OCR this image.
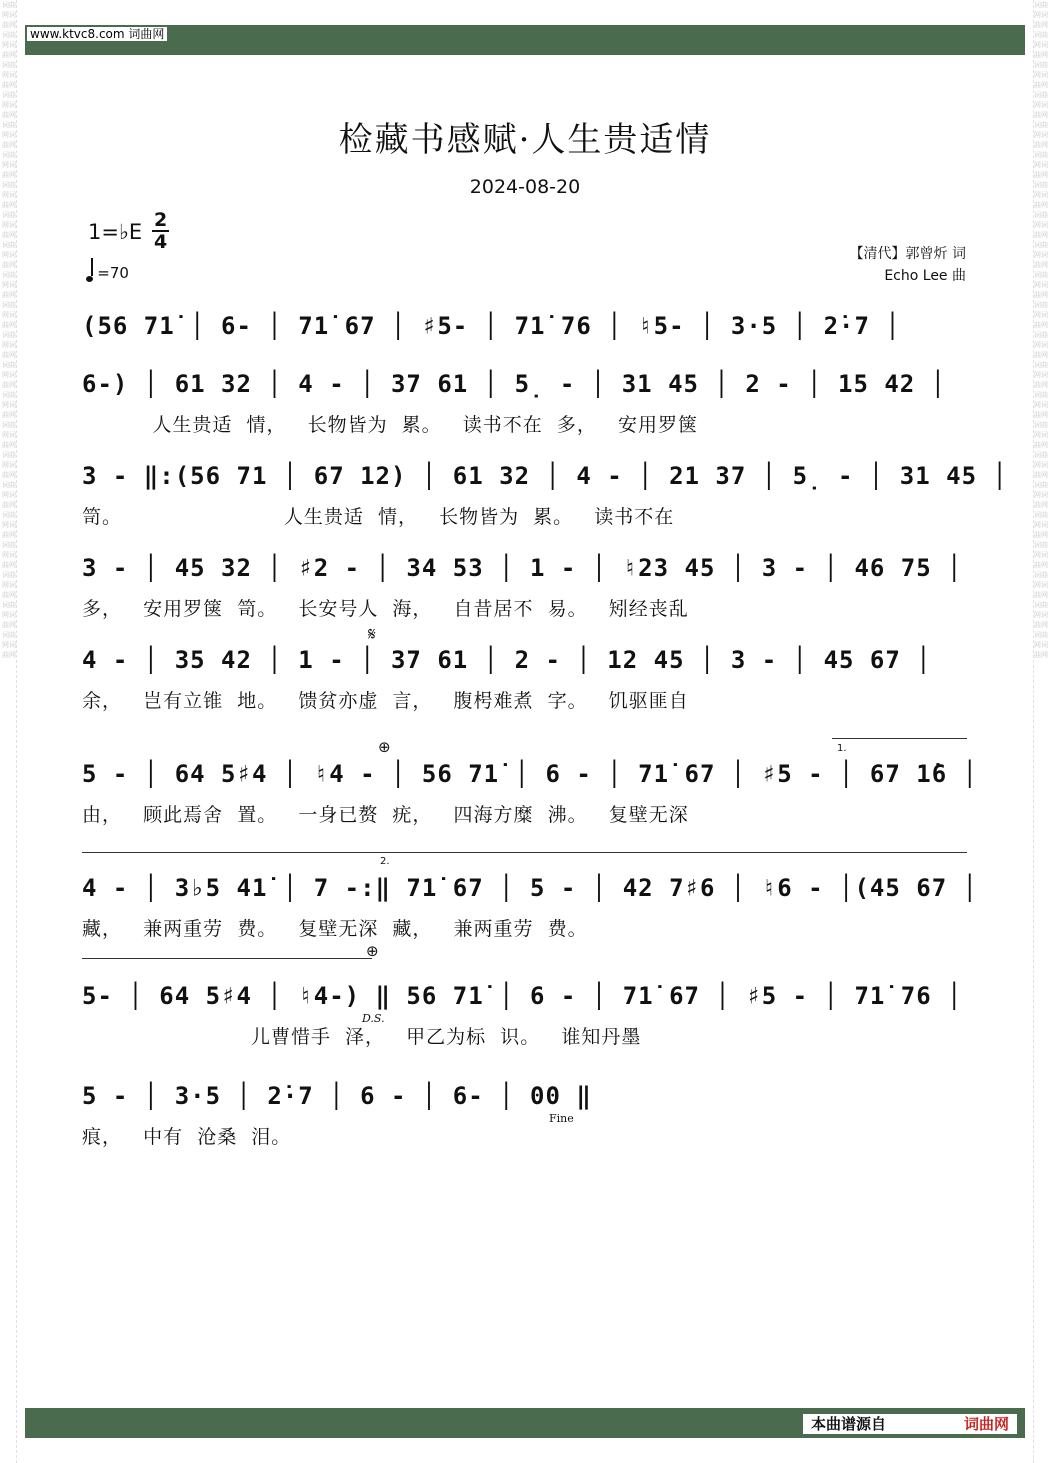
词曲网词曲网词曲网词曲网词曲网词曲网词曲网词曲网词曲网词曲网词曲网词曲网词曲网词曲网词曲网词曲网词曲网词曲网词曲网词曲网词曲网词曲网词曲网词曲网词曲网词曲网词曲网词曲网词曲网词曲网词曲网词曲网词曲网词曲网词曲网词曲网词曲网词曲网词曲网词曲网词曲网词曲网词曲网词曲网
词曲网词曲网词曲网词曲网词曲网词曲网词曲网词曲网词曲网词曲网词曲网词曲网词曲网词曲网词曲网词曲网词曲网词曲网词曲网词曲网词曲网词曲网词曲网词曲网词曲网词曲网词曲网词曲网词曲网词曲网词曲网词曲网词曲网词曲网词曲网词曲网词曲网词曲网词曲网词曲网词曲网词曲网词曲网词曲网
www.ktvc8.com 词曲网
检藏书感赋·人生贵适情
2024-08-20
1=♭E 2
4
=70
【清代】郭曾炘 词
Echo Lee 曲
(56 71̇ │ 6- │ 71̇ 67 │ ♯5- │ 71̇ 76 │ ♮5- │ 3·5 │ 2̇·7 │
6-) │ 61 32 │ 4 - │ 37 61 │ 5̣ - │ 31 45 │ 2 - │ 15 42 │
人生贵适  情，   长物皆为  累。   读书不在  多，   安用罗箧
3 - ‖:(56 71 │ 67 12) │ 61 32 │ 4 - │ 21 37 │ 5̣ - │ 31 45 │
笥。                       人生贵适  情，   长物皆为  累。   读书不在
3 - │ 45 32 │ ♯2 - │ 34 53 │ 1 - │ ♮23 45 │ 3 - │ 46 75 │
多，   安用罗箧  笥。   长安号人  海，   自昔居不  易。   矧经丧乱
𝄋
4 - │ 35 42 │ 1 - │ 37 61 │ 2 - │ 12 45 │ 3 - │ 45 67 │
余，   岂有立锥  地。   馈贫亦虚  言，   腹枵难煮  字。   饥驱匪自
⊕	1.
5 - │ 64 5♯4 │ ♮4 - │ 56 71̇ │ 6 - │ 71̇ 67 │ ♯5 - │ 67 1̇6 │
由，   顾此焉舍  置。   一身已赘  疣，   四海方糜  沸。   复壁无深
2.
4 - │ 3♭5 41̇ │ 7 -:‖ 71̇ 67 │ 5 - │ 42 7♯6 │ ♮6 - │(45 67 │
藏，   兼两重劳  费。   复壁无深  藏，   兼两重劳  费。
⊕
5- │ 64 5♯4 │ ♮4-) ‖ 56 71̇ │ 6 - │ 71̇ 67 │ ♯5 - │ 71̇ 76 │
D.S.
儿曹惜手  泽，   甲乙为标  识。   谁知丹墨
5 - │ 3·5 │ 2̇·7 │ 6 - │ 6- │ 00 ‖
Fine
痕，   中有  沧桑  泪。
本曲谱源自	词曲网
